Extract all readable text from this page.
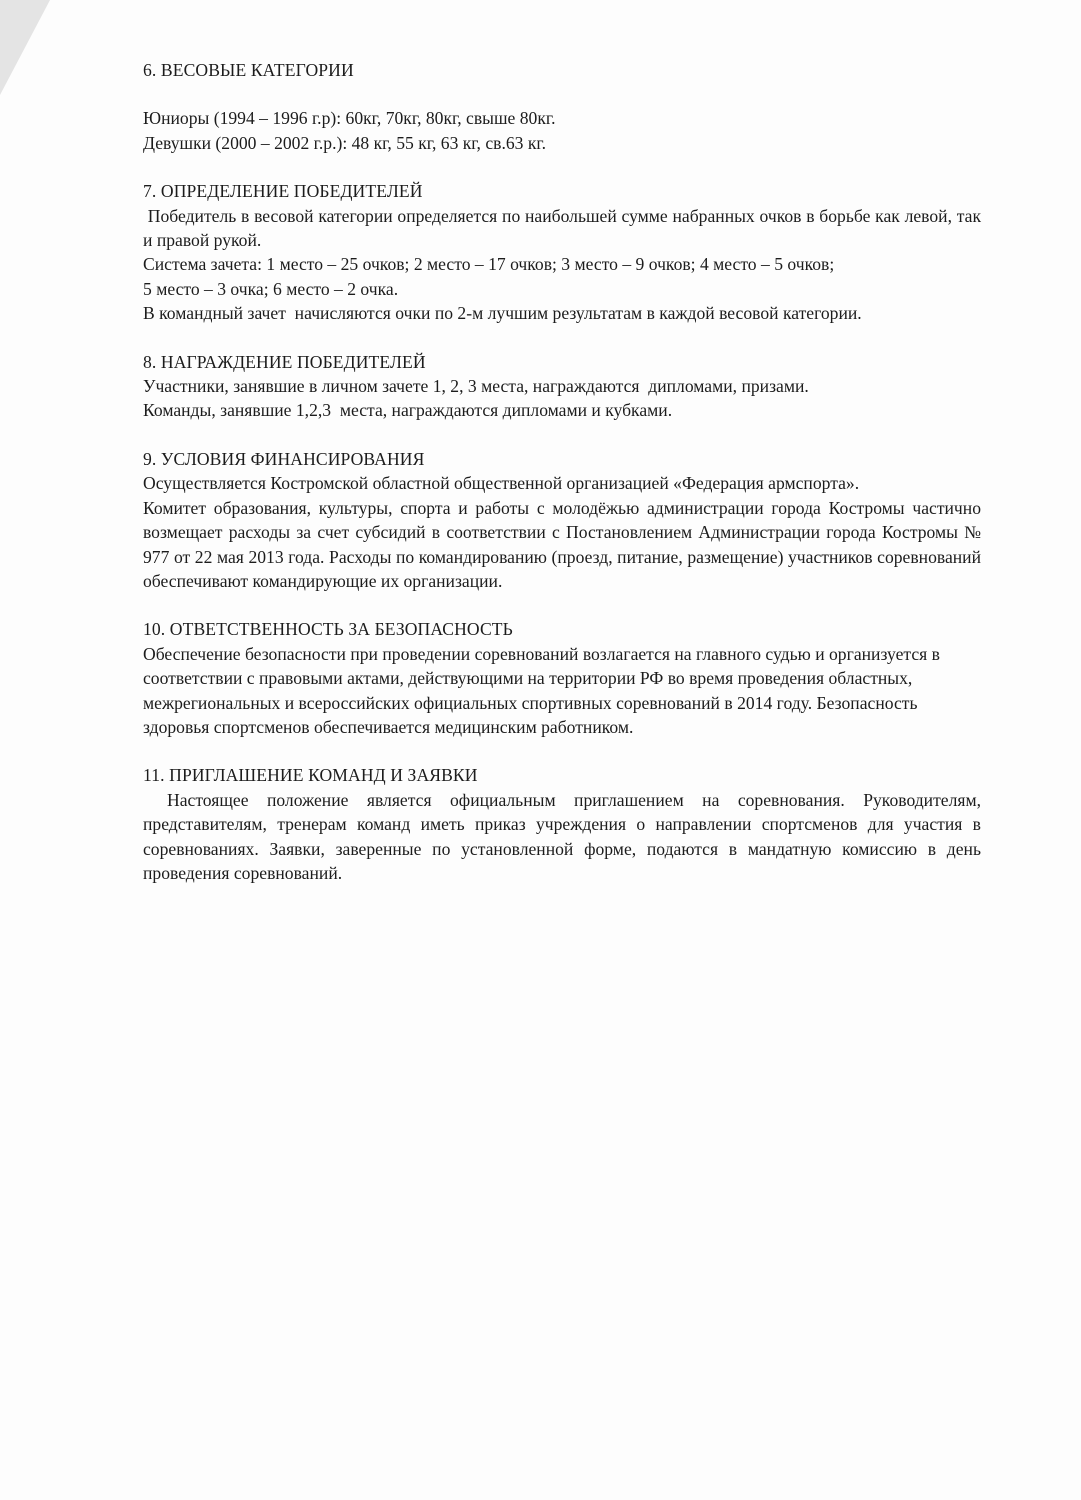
6. ВЕСОВЫЕ КАТЕГОРИИ

Юниоры (1994 – 1996 г.р): 60кг, 70кг, 80кг, свыше 80кг.

Девушки (2000 – 2002 г.р.): 48 кг, 55 кг, 63 кг, св.63 кг.

7. ОПРЕДЕЛЕНИЕ ПОБЕДИТЕЛЕЙ

Победитель в весовой категории определяется по наибольшей сумме набранных очков в борьбе как левой, так и правой рукой.

Система зачета: 1 место – 25 очков; 2 место – 17 очков; 3 место – 9 очков; 4 место – 5 очков;

5 место – 3 очка; 6 место – 2 очка.

В командный зачет  начисляются очки по 2-м лучшим результатам в каждой весовой категории.

8. НАГРАЖДЕНИЕ ПОБЕДИТЕЛЕЙ

Участники, занявшие в личном зачете 1, 2, 3 места, награждаются  дипломами, призами.

Команды, занявшие 1,2,3  места, награждаются дипломами и кубками.

9. УСЛОВИЯ ФИНАНСИРОВАНИЯ

Осуществляется Костромской областной общественной организацией «Федерация армспорта».

Комитет образования, культуры, спорта и работы с молодёжью администрации города Костромы частично возмещает расходы за счет субсидий в соответствии с Постановлением Администрации города Костромы № 977 от 22 мая 2013 года. Расходы по командированию (проезд, питание, размещение) участников соревнований обеспечивают командирующие их организации.

10. ОТВЕТСТВЕННОСТЬ ЗА БЕЗОПАСНОСТЬ

Обеспечение безопасности при проведении соревнований возлагается на главного судью и организуется в соответствии с правовыми актами, действующими на территории РФ во время проведения областных, межрегиональных и всероссийских официальных спортивных соревнований в 2014 году. Безопасность здоровья спортсменов обеспечивается медицинским работником.

11. ПРИГЛАШЕНИЕ КОМАНД И ЗАЯВКИ

Настоящее положение является официальным приглашением на соревнования. Руководителям, представителям, тренерам команд иметь приказ учреждения о направлении спортсменов для участия в соревнованиях. Заявки, заверенные по установленной форме, подаются в мандатную комиссию в день проведения соревнований.
